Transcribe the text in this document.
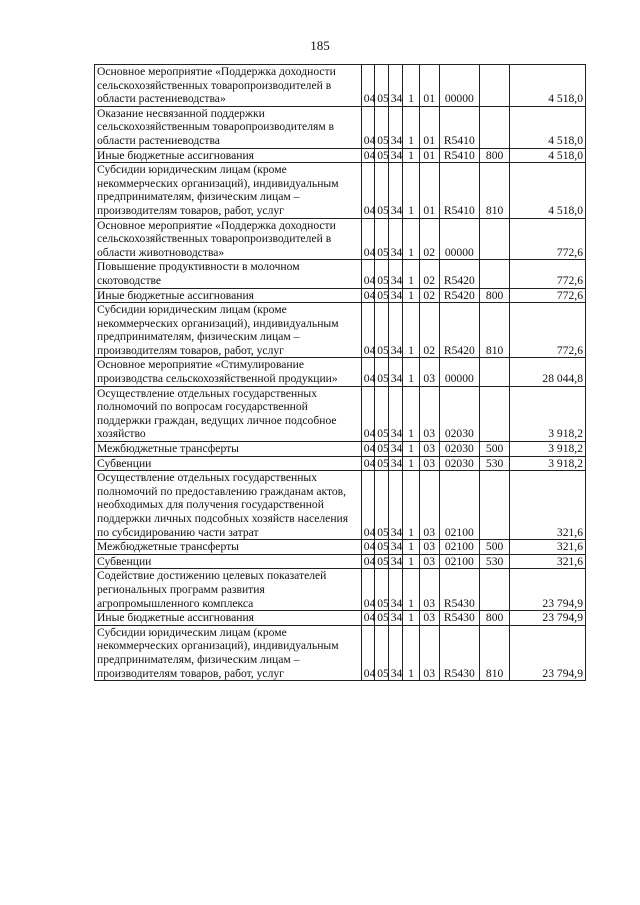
185
Основное мероприятие «Поддержка доходности сельскохозяйственных товаропроизводителей в области растениеводства»	04	05	34	1	01	00000		4 518,0
Оказание несвязанной поддержки сельскохозяйственным товаропроизводителям в области растениеводства	04	05	34	1	01	R5410		4 518,0
Иные бюджетные ассигнования	04	05	34	1	01	R5410	800	4 518,0
Субсидии юридическим лицам (кроме некоммерческих организаций), индивидуальным предпринимателям, физическим лицам – производителям товаров, работ, услуг	04	05	34	1	01	R5410	810	4 518,0
Основное мероприятие «Поддержка доходности сельскохозяйственных товаропроизводителей в области животноводства»	04	05	34	1	02	00000		772,6
Повышение продуктивности в молочном скотоводстве	04	05	34	1	02	R5420		772,6
Иные бюджетные ассигнования	04	05	34	1	02	R5420	800	772,6
Субсидии юридическим лицам (кроме некоммерческих организаций), индивидуальным предпринимателям, физическим лицам – производителям товаров, работ, услуг	04	05	34	1	02	R5420	810	772,6
Основное мероприятие «Стимулирование производства сельскохозяйственной продукции»	04	05	34	1	03	00000		28 044,8
Осуществление отдельных государственных полномочий по вопросам государственной поддержки граждан, ведущих личное подсобное хозяйство	04	05	34	1	03	02030		3 918,2
Межбюджетные трансферты	04	05	34	1	03	02030	500	3 918,2
Субвенции	04	05	34	1	03	02030	530	3 918,2
Осуществление отдельных государственных полномочий по предоставлению гражданам актов, необходимых для получения государственной поддержки личных подсобных хозяйств населения по субсидированию части затрат	04	05	34	1	03	02100		321,6
Межбюджетные трансферты	04	05	34	1	03	02100	500	321,6
Субвенции	04	05	34	1	03	02100	530	321,6
Содействие достижению целевых показателей региональных программ развития агропромышленного комплекса	04	05	34	1	03	R5430		23 794,9
Иные бюджетные ассигнования	04	05	34	1	03	R5430	800	23 794,9
Субсидии юридическим лицам (кроме некоммерческих организаций), индивидуальным предпринимателям, физическим лицам – производителям товаров, работ, услуг	04	05	34	1	03	R5430	810	23 794,9
